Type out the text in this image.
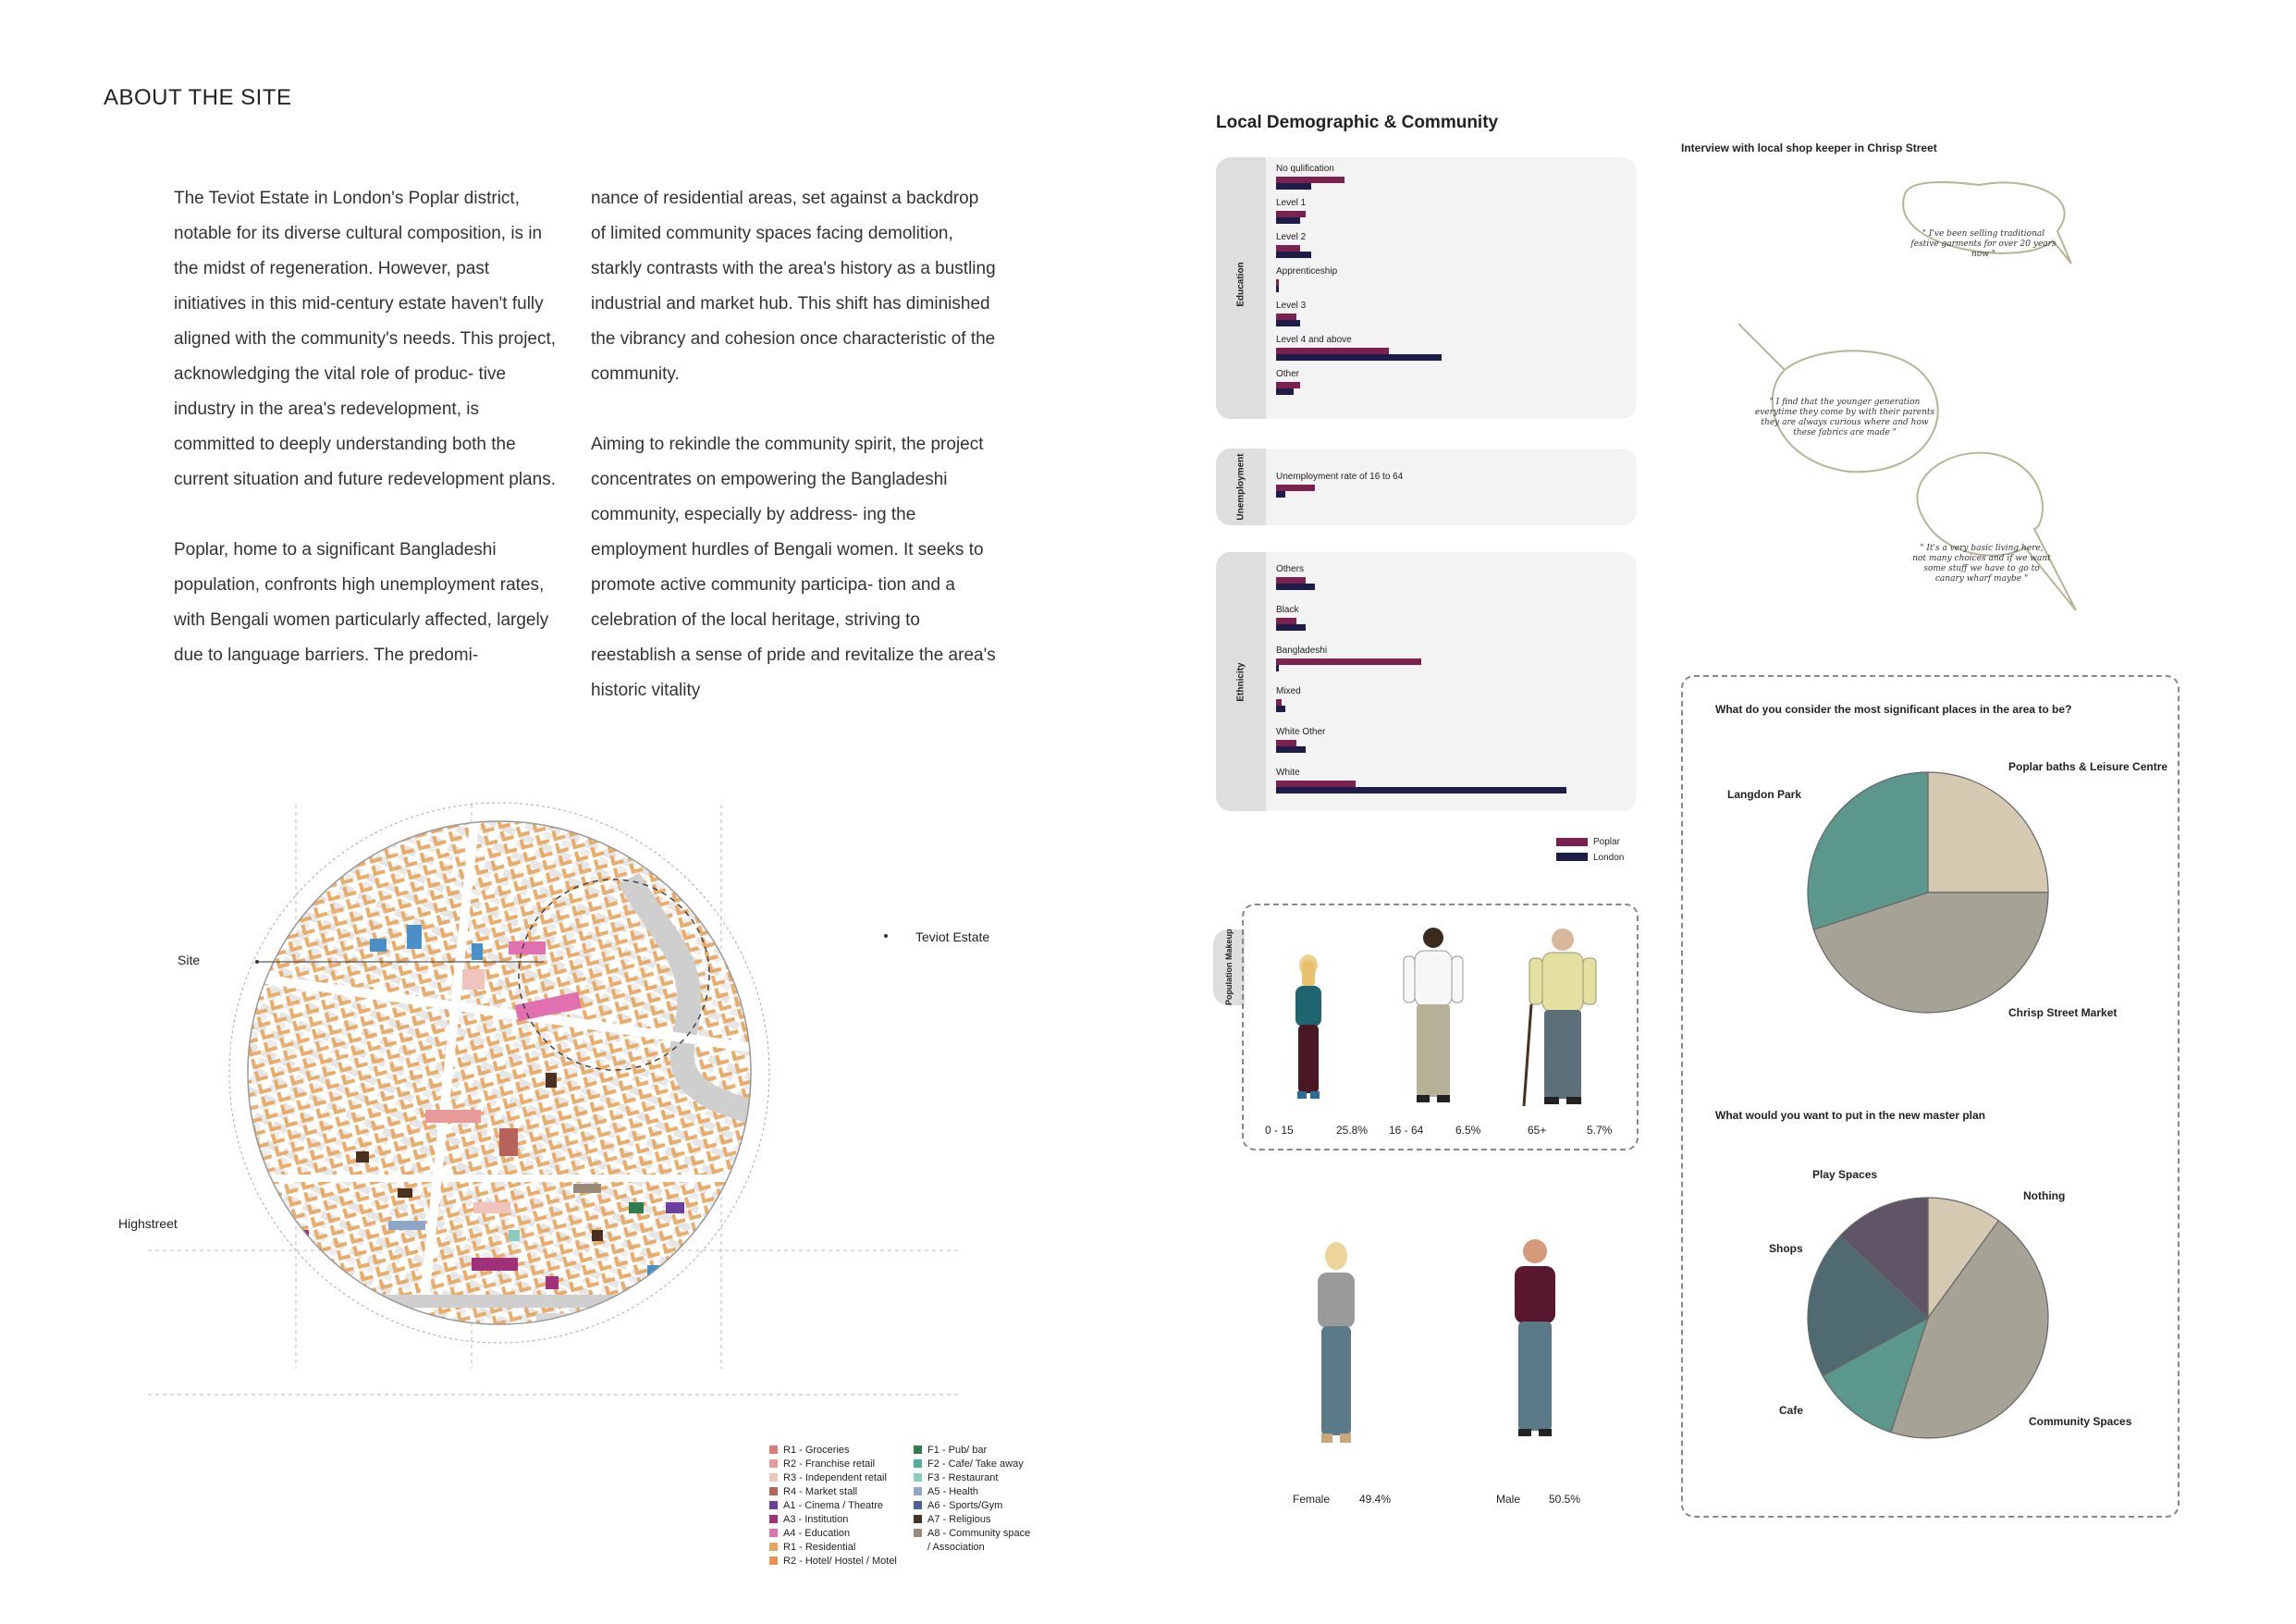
ABOUT THE SITE

The Teviot Estate in London's Poplar district, notable for its diverse cultural composition, is in the midst of regeneration. However, past initiatives in this mid-century estate haven't fully aligned with the community's needs. This project, acknowledging the vital role of produc- tive industry in the area's redevelopment, is committed to deeply understanding both the current situation and future redevelopment plans.

Poplar, home to a significant Bangladeshi population, confronts high unemployment rates, with Bengali women particularly affected, largely due to language barriers. The predomi-

nance of residential areas, set against a backdrop of limited community spaces facing demolition, starkly contrasts with the area's history as a bustling industrial and market hub. This shift has diminished the vibrancy and cohesion once characteristic of the community.

Aiming to rekindle the community spirit, the project concentrates on empowering the Bangladeshi community, especially by address- ing the employment hurdles of Bengali women. It seeks to promote active community participa- tion and a celebration of the local heritage, striving to reestablish a sense of pride and revitalize the area's historic vitality

Site
Teviot Estate
Highstreet
R1 - Groceries
R2 - Franchise retail
R3 - Independent retail
R4 - Market stall
A1 - Cinema / Theatre
A3 - Institution
A4 - Education
R1 - Residential
R2 - Hotel/ Hostel / Motel
F1 - Pub/ bar
F2 - Cafe/ Take away
F3 - Restaurant
A5 - Health
A6 - Sports/Gym
A7 - Religious
A8 - Community space
/ Association
Local Demographic & Community
Education
No qulification
Level 1
Level 2
Apprenticeship
Level 3
Level 4 and above
Other
Unemployment	Unemployment rate of 16 to 64
Ethnicity
Others
Black
Bangladeshi
Mixed
White Other
White
Poplar
London
Population Makeup
0 - 15	25.8% 16 - 64	6.5%	65+	5.7%
Female	49.4%	Male	50.5%
Interview with local shop keeper in Chrisp Street
" I've been selling traditional festive garments for over 20 years now "
" I find that the younger generation everytime they come by with their parents they are always curious where and how these fabrics are made "
" It's a very basic living here, not many choices and if we want some stuff we have to go to canary wharf maybe "
What do you consider the most significant places in the area to be?
What would you want to put in the new master plan
Poplar baths & Leisure Centre
Chrisp Street Market
Langdon Park
Nothing
Community Spaces
Cafe
Shops
Play Spaces
